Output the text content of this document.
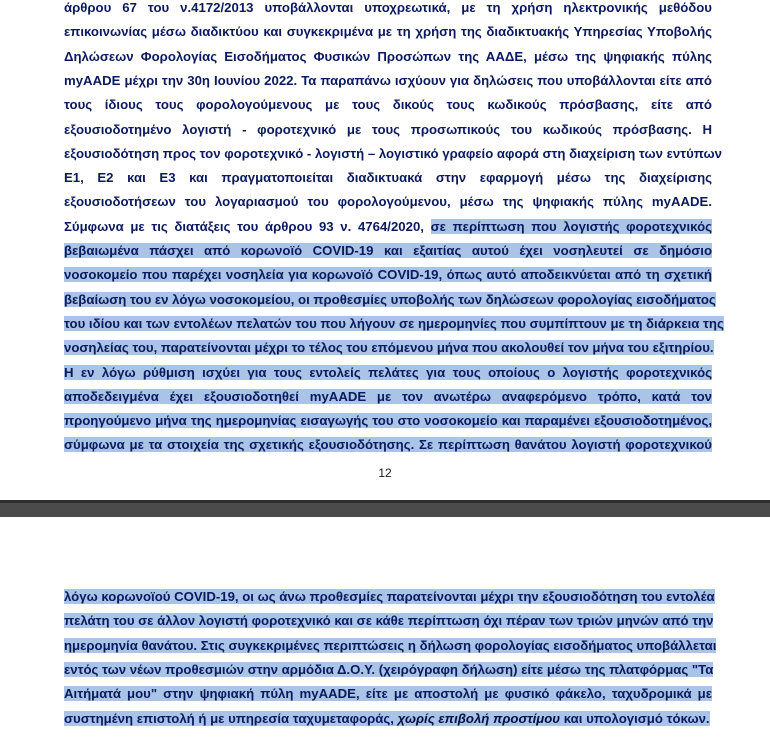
άρθρου 67 του ν.4172/2013 υποβάλλονται υποχρεωτικά, με τη χρήση ηλεκτρονικής μεθόδου
επικοινωνίας μέσω διαδικτύου και συγκεκριμένα με τη χρήση της διαδικτυακής Υπηρεσίας Υποβολής
Δηλώσεων Φορολογίας Εισοδήματος Φυσικών Προσώπων της ΑΑΔΕ, μέσω της ψηφιακής πύλης
myAADE μέχρι την 30η Ιουνίου 2022. Τα παραπάνω ισχύουν για δηλώσεις που υποβάλλονται είτε από
τους ίδιους τους φορολογούμενους με τους δικούς τους κωδικούς πρόσβασης, είτε από
εξουσιοδοτημένο λογιστή - φοροτεχνικό με τους προσωπικούς του κωδικούς πρόσβασης. Η
εξουσιοδότηση προς τον φοροτεχνικό - λογιστή – λογιστικό γραφείο αφορά στη διαχείριση των εντύπων
Ε1, Ε2 και Ε3 και πραγματοποιείται διαδικτυακά στην εφαρμογή μέσω της διαχείρισης
εξουσιοδοτήσεων του λογαριασμού του φορολογούμενου, μέσω της ψηφιακής πύλης myAADE.
Σύμφωνα με τις διατάξεις του άρθρου 93 ν. 4764/2020, σε περίπτωση που λογιστής φοροτεχνικός
βεβαιωμένα πάσχει από κορωνοϊό COVID-19 και εξαιτίας αυτού έχει νοσηλευτεί σε δημόσιο
νοσοκομείο που παρέχει νοσηλεία για κορωνοϊό COVID-19, όπως αυτό αποδεικνύεται από τη σχετική
βεβαίωση του εν λόγω νοσοκομείου, οι προθεσμίες υποβολής των δηλώσεων φορολογίας εισοδήματος
του ιδίου και των εντολέων πελατών του που λήγουν σε ημερομηνίες που συμπίπτουν με τη διάρκεια της
νοσηλείας του, παρατείνονται μέχρι το τέλος του επόμενου μήνα που ακολουθεί τον μήνα του εξιτηρίου.
Η εν λόγω ρύθμιση ισχύει για τους εντολείς πελάτες για τους οποίους ο λογιστής φοροτεχνικός
αποδεδειγμένα έχει εξουσιοδοτηθεί myAADE με τον ανωτέρω αναφερόμενο τρόπο, κατά τον
προηγούμενο μήνα της ημερομηνίας εισαγωγής του στο νοσοκομείο και παραμένει εξουσιοδοτημένος,
σύμφωνα με τα στοιχεία της σχετικής εξουσιοδότησης. Σε περίπτωση θανάτου λογιστή φοροτεχνικού
12
λόγω κορωνοϊού COVID-19, οι ως άνω προθεσμίες παρατείνονται μέχρι την εξουσιοδότηση του εντολέα
πελάτη του σε άλλον λογιστή φοροτεχνικό και σε κάθε περίπτωση όχι πέραν των τριών μηνών από την
ημερομηνία θανάτου. Στις συγκεκριμένες περιπτώσεις η δήλωση φορολογίας εισοδήματος υποβάλλεται
εντός των νέων προθεσμιών στην αρμόδια Δ.Ο.Υ. (χειρόγραφη δήλωση) είτε μέσω της πλατφόρμας "Τα
Αιτήματά μου" στην ψηφιακή πύλη myAADE, είτε με αποστολή με φυσικό φάκελο, ταχυδρομικά με
συστημένη επιστολή ή με υπηρεσία ταχυμεταφοράς, χωρίς επιβολή προστίμου και υπολογισμό τόκων.
